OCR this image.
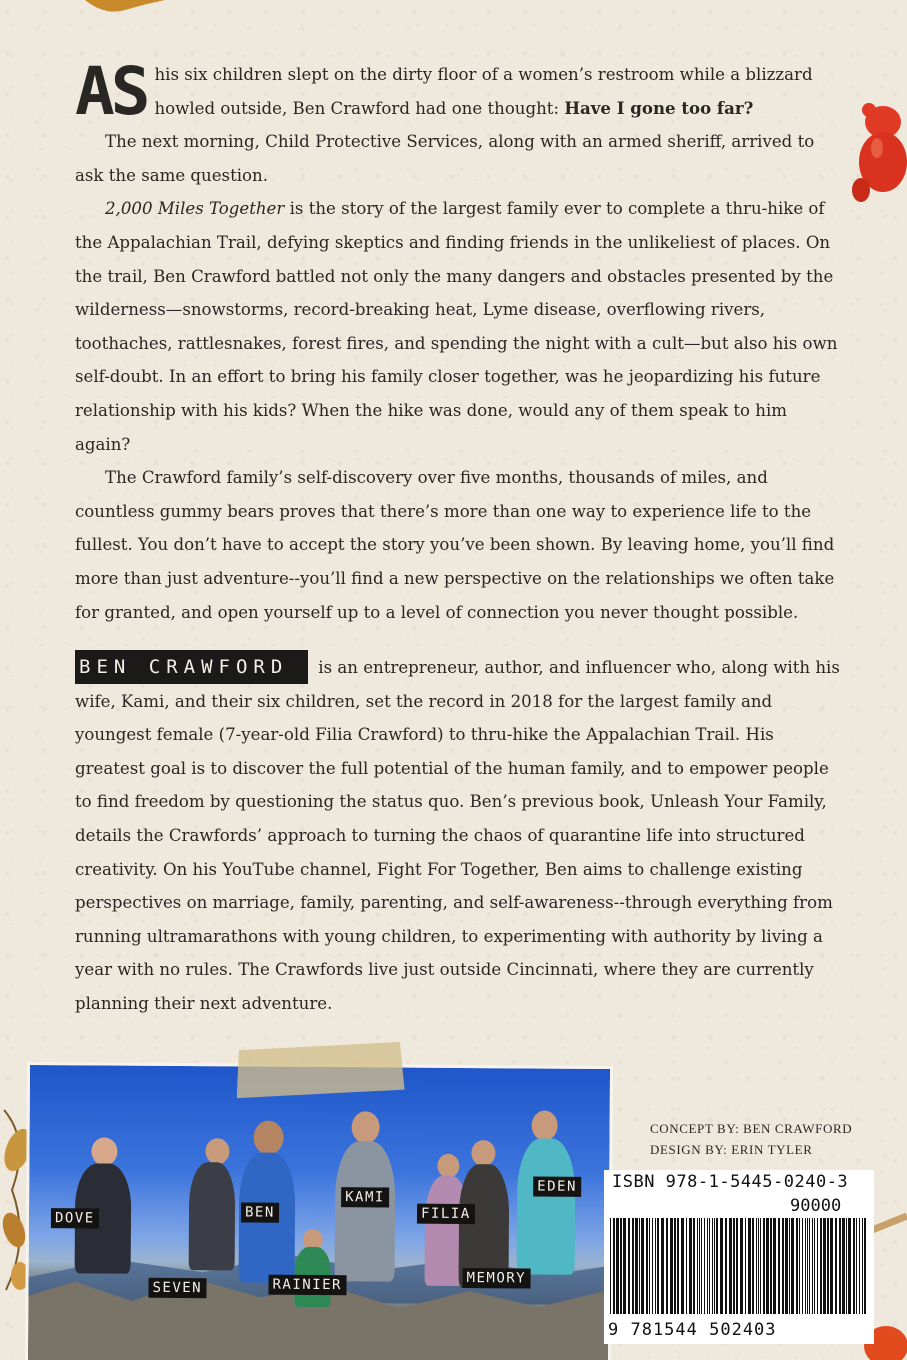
AS his six children slept on the dirty floor of a women’s restroom while a blizzard howled outside, Ben Crawford had one thought: Have I gone too far?

The next morning, Child Protective Services, along with an armed sheriff, arrived to ask the same question.

2,000 Miles Together is the story of the largest family ever to complete a thru-hike of the Appalachian Trail, defying skeptics and finding friends in the unlikeliest of places. On the trail, Ben Crawford battled not only the many dangers and obstacles presented by the wilderness—snowstorms, record-breaking heat, Lyme disease, overflowing rivers, toothaches, rattlesnakes, forest fires, and spending the night with a cult—but also his own self-doubt. In an effort to bring his family closer together, was he jeopardizing his future relationship with his kids? When the hike was done, would any of them speak to him again?

The Crawford family’s self-discovery over five months, thousands of miles, and countless gummy bears proves that there’s more than one way to experience life to the fullest. You don’t have to accept the story you’ve been shown. By leaving home, you’ll find more than just adventure--you’ll find a new perspective on the relationships we often take for granted, and open yourself up to a level of connection you never thought possible.

BEN CRAWFORD is an entrepreneur, author, and influencer who, along with his wife, Kami, and their six children, set the record in 2018 for the largest family and youngest female (7-year-old Filia Crawford) to thru-hike the Appalachian Trail. His greatest goal is to discover the full potential of the human family, and to empower people to find freedom by questioning the status quo. Ben’s previous book, Unleash Your Family, details the Crawfords’ approach to turning the chaos of quarantine life into structured creativity. On his YouTube channel, Fight For Together, Ben aims to challenge existing perspectives on marriage, family, parenting, and self-awareness--through everything from running ultramarathons with young children, to experimenting with authority by living a year with no rules. The Crawfords live just outside Cincinnati, where they are currently planning their next adventure.
DOVE
SEVEN
BEN
RAINIER
KAMI
FILIA
MEMORY
EDEN
CONCEPT BY: BEN CRAWFORD
DESIGN BY: ERIN TYLER
ISBN 978-1-5445-0240-3
90000
9 781544 502403
